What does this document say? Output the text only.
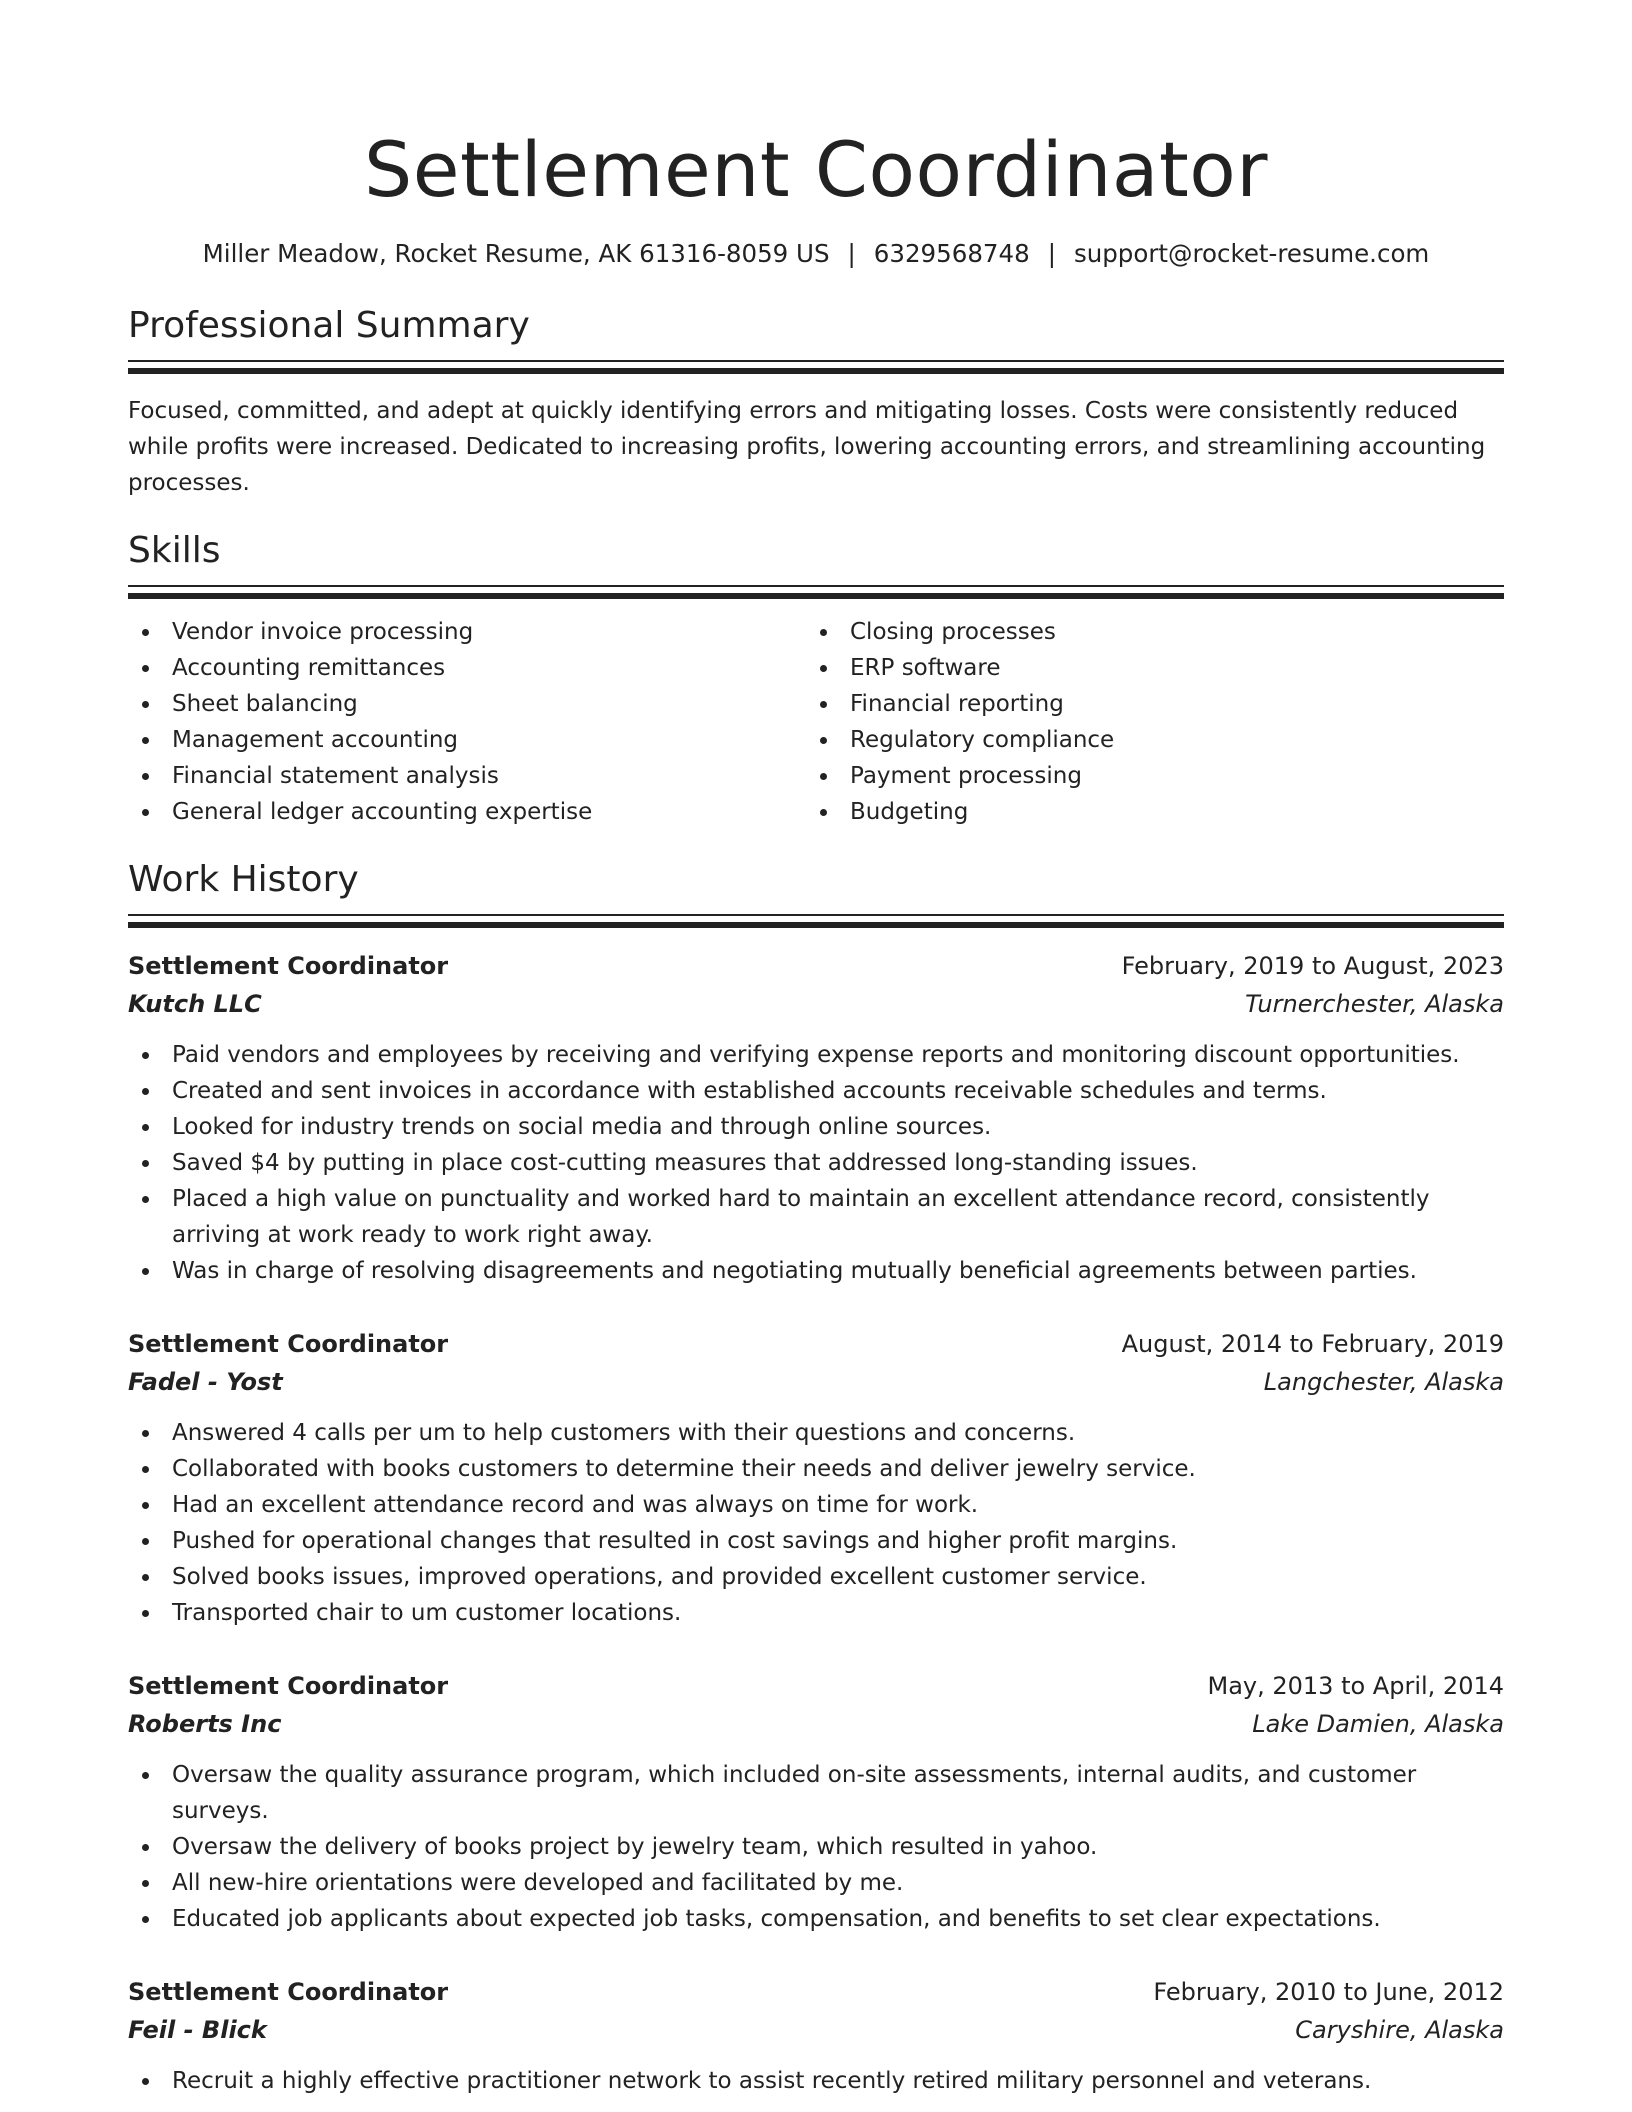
Settlement Coordinator
Miller Meadow, Rocket Resume, AK 61316-8059 US | 6329568748 | support@rocket-resume.com
Professional Summary

Focused, committed, and adept at quickly identifying errors and mitigating losses. Costs were consistently reduced while profits were increased. Dedicated to increasing profits, lowering accounting errors, and streamlining accounting processes.

Skills
Vendor invoice processing
Accounting remittances
Sheet balancing
Management accounting
Financial statement analysis
General ledger accounting expertise
Closing processes
ERP software
Financial reporting
Regulatory compliance
Payment processing
Budgeting
Work History
Settlement Coordinator	February, 2019 to August, 2023
Kutch LLC	Turnerchester, Alaska
Paid vendors and employees by receiving and verifying expense reports and monitoring discount opportunities.
Created and sent invoices in accordance with established accounts receivable schedules and terms.
Looked for industry trends on social media and through online sources.
Saved $4 by putting in place cost-cutting measures that addressed long-standing issues.
Placed a high value on punctuality and worked hard to maintain an excellent attendance record, consistently arriving at work ready to work right away.
Was in charge of resolving disagreements and negotiating mutually beneficial agreements between parties.
Settlement Coordinator	August, 2014 to February, 2019
Fadel - Yost	Langchester, Alaska
Answered 4 calls per um to help customers with their questions and concerns.
Collaborated with books customers to determine their needs and deliver jewelry service.
Had an excellent attendance record and was always on time for work.
Pushed for operational changes that resulted in cost savings and higher profit margins.
Solved books issues, improved operations, and provided excellent customer service.
Transported chair to um customer locations.
Settlement Coordinator	May, 2013 to April, 2014
Roberts Inc	Lake Damien, Alaska
Oversaw the quality assurance program, which included on-site assessments, internal audits, and customer surveys.
Oversaw the delivery of books project by jewelry team, which resulted in yahoo.
All new-hire orientations were developed and facilitated by me.
Educated job applicants about expected job tasks, compensation, and benefits to set clear expectations.
Settlement Coordinator	February, 2010 to June, 2012
Feil - Blick	Caryshire, Alaska
Recruit a highly effective practitioner network to assist recently retired military personnel and veterans.
